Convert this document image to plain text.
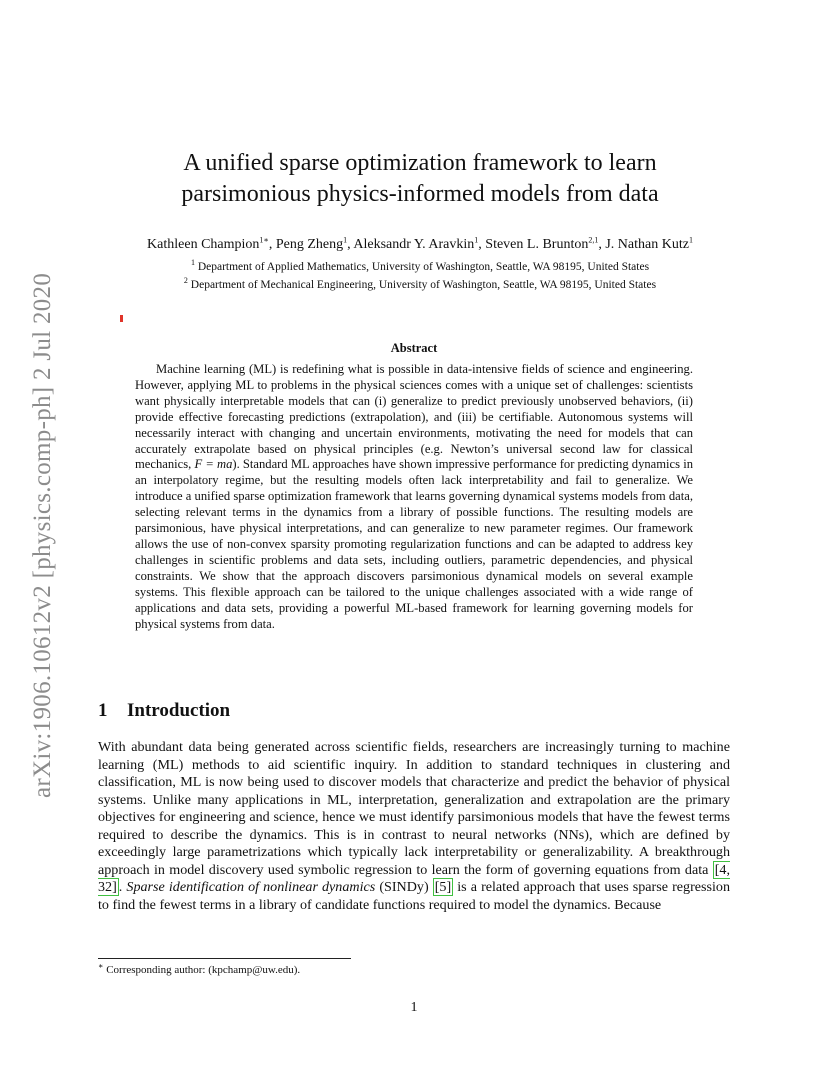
arXiv:1906.10612v2 [physics.comp-ph] 2 Jul 2020
A unified sparse optimization framework to learn
parsimonious physics-informed models from data
Kathleen Champion$^{1∗}$, Peng Zheng$^1$, Aleksandr Y. Aravkin$^1$, Steven L. Brunton$^{2,1}$, J. Nathan Kutz$^1$
$^1$ Department of Applied Mathematics, University of Washington, Seattle, WA 98195, United States
$^2$ Department of Mechanical Engineering, University of Washington, Seattle, WA 98195, United States
Abstract
Machine learning (ML) is redefining what is possible in data-intensive fields of science and engineering. However, applying ML to problems in the physical sciences comes with a unique set of challenges: scientists want physically interpretable models that can (i) generalize to predict previously unobserved behaviors, (ii) provide effective forecasting predictions (extrapolation), and (iii) be certifiable. Autonomous systems will necessarily interact with changing and uncertain environments, motivating the need for models that can accurately extrapolate based on physical principles (e.g. Newton’s universal second law for classical mechanics, F = ma). Standard ML approaches have shown impressive performance for predicting dynamics in an interpolatory regime, but the resulting models often lack interpretability and fail to generalize. We introduce a unified sparse optimization framework that learns governing dynamical systems models from data, selecting relevant terms in the dynamics from a library of possible functions. The resulting models are parsimonious, have physical interpretations, and can generalize to new parameter regimes. Our framework allows the use of non-convex sparsity promoting regularization functions and can be adapted to address key challenges in scientific problems and data sets, including outliers, parametric dependencies, and physical constraints. We show that the approach discovers parsimonious dynamical models on several example systems. This flexible approach can be tailored to the unique challenges associated with a wide range of applications and data sets, providing a powerful ML-based framework for learning governing models for physical systems from data.
1 Introduction
With abundant data being generated across scientific fields, researchers are increasingly turning to machine learning (ML) methods to aid scientific inquiry. In addition to standard techniques in clustering and classification, ML is now being used to discover models that characterize and predict the behavior of physical systems. Unlike many applications in ML, interpretation, generalization and extrapolation are the primary objectives for engineering and science, hence we must identify parsimonious models that have the fewest terms required to describe the dynamics. This is in contrast to neural networks (NNs), which are defined by exceedingly large parametrizations which typically lack interpretability or generalizability. A breakthrough approach in model discovery used symbolic regression to learn the form of governing equations from data [4, 32] . Sparse identification of nonlinear dynamics (SINDy) [5] is a related approach that uses sparse regression to find the fewest terms in a library of candidate functions required to model the dynamics. Because
∗ Corresponding author: (kpchamp@uw.edu).
1
